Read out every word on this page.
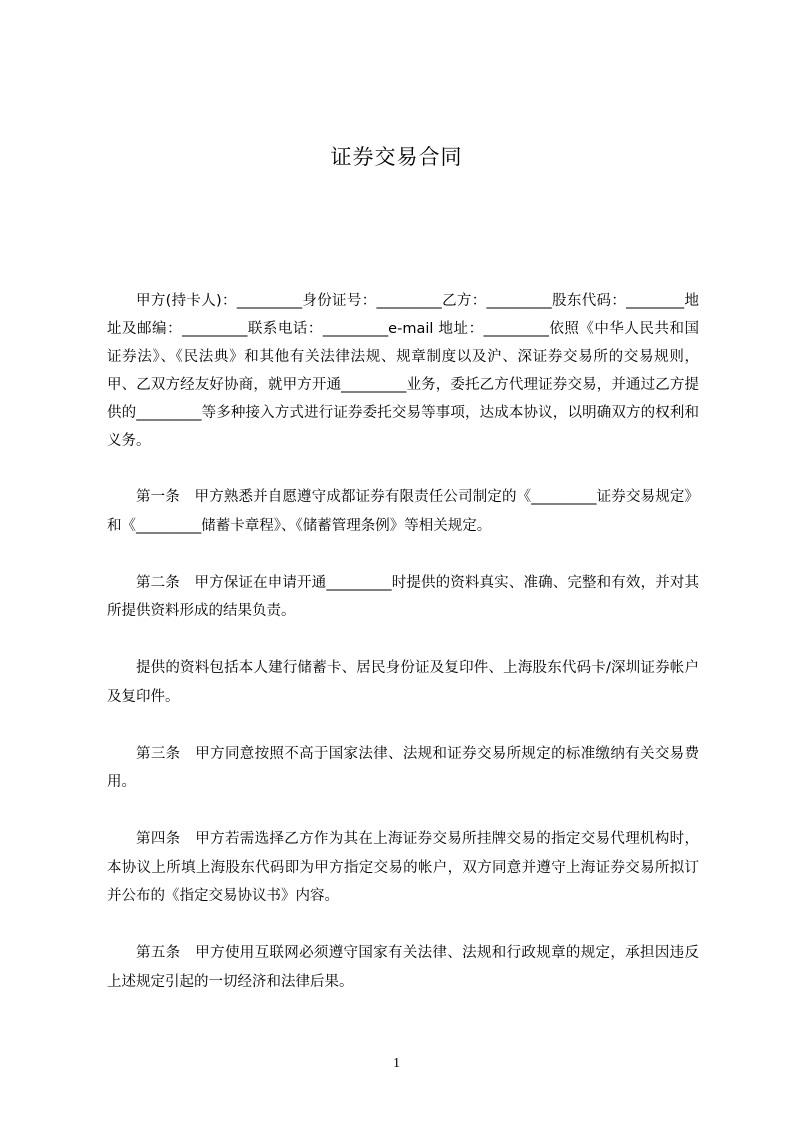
证券交易合同

甲方(持卡人)：_________身份证号：_________乙方：_________股东代码：________地址及邮编：_________联系电话：_________e-mail 地址：_________依照《中华人民共和国证券法》、《民法典》和其他有关法律法规、规章制度以及沪、深证券交易所的交易规则，甲、乙双方经友好协商，就甲方开通_________业务，委托乙方代理证券交易，并通过乙方提供的_________等多种接入方式进行证券委托交易等事项，达成本协议，以明确双方的权利和义务。

第一条　甲方熟悉并自愿遵守成都证券有限责任公司制定的《_________证券交易规定》和《_________储蓄卡章程》、《储蓄管理条例》等相关规定。

第二条　甲方保证在申请开通_________时提供的资料真实、准确、完整和有效，并对其所提供资料形成的结果负责。

提供的资料包括本人建行储蓄卡、居民身份证及复印件、上海股东代码卡/深圳证券帐户及复印件。

第三条　甲方同意按照不高于国家法律、法规和证券交易所规定的标准缴纳有关交易费用。

第四条　甲方若需选择乙方作为其在上海证券交易所挂牌交易的指定交易代理机构时，本协议上所填上海股东代码即为甲方指定交易的帐户，双方同意并遵守上海证券交易所拟订并公布的《指定交易协议书》内容。

第五条　甲方使用互联网必须遵守国家有关法律、法规和行政规章的规定，承担因违反上述规定引起的一切经济和法律后果。

1
